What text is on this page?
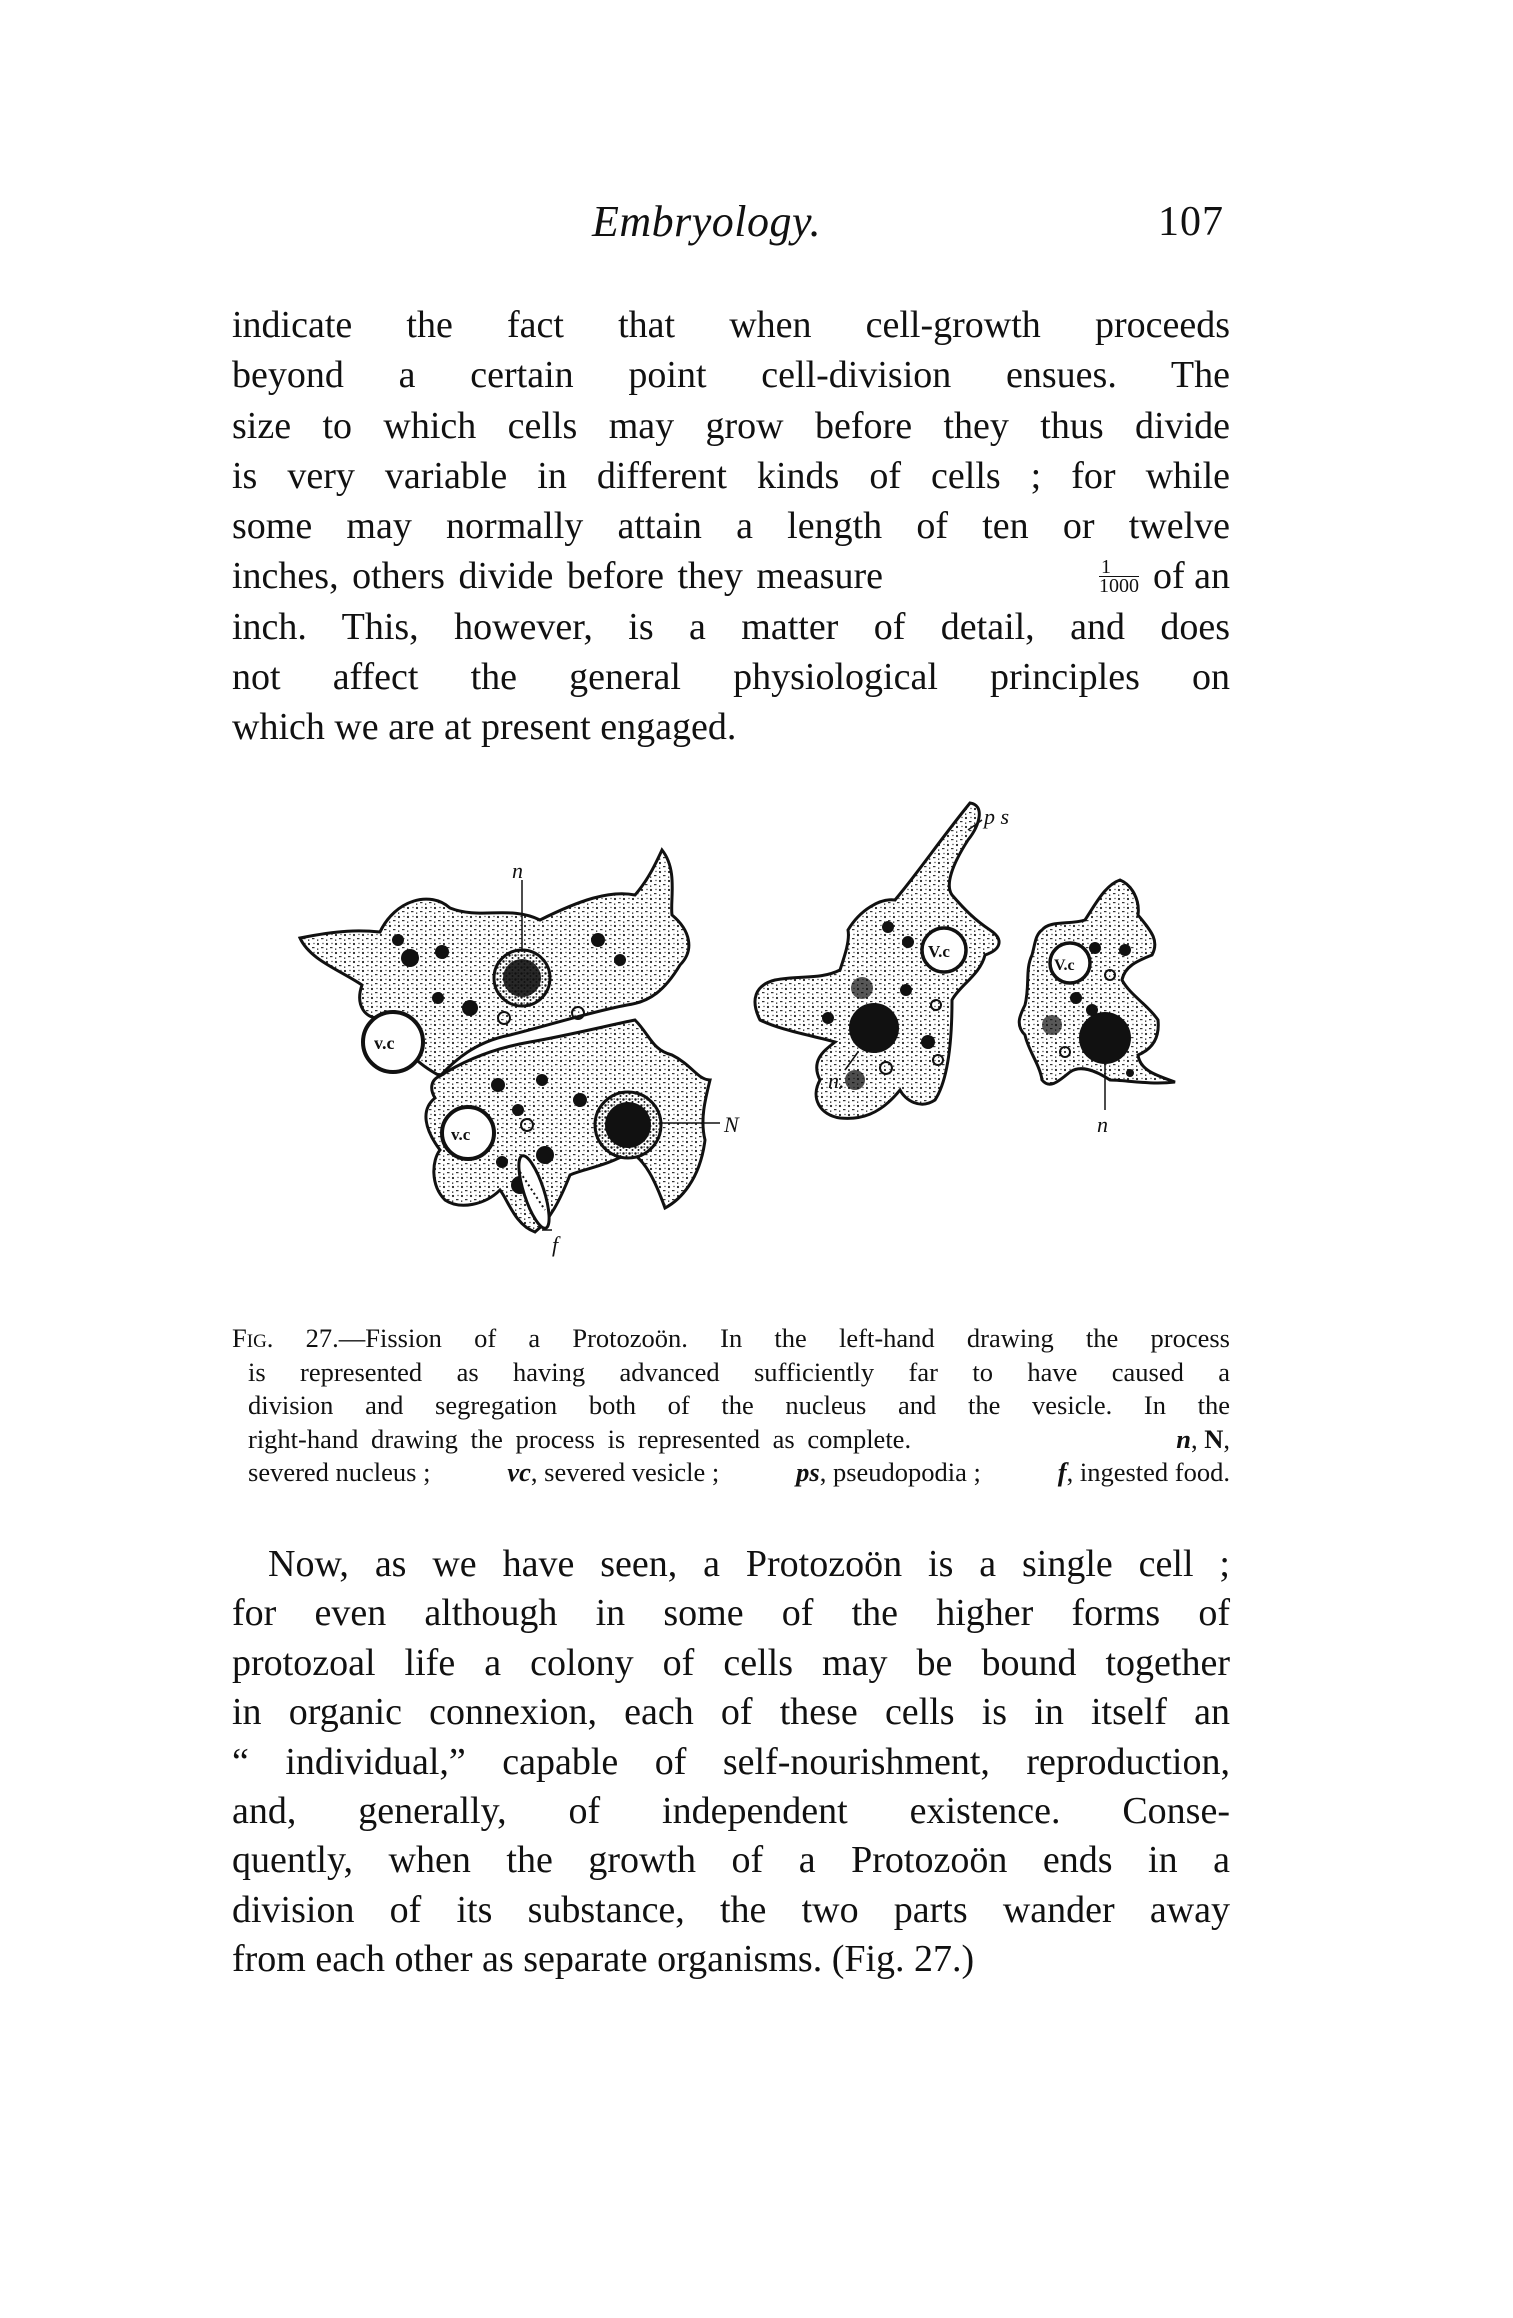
Embryology.	107
indicate the fact that when cell-growth proceeds
beyond a certain point cell-division ensues. The
size to which cells may grow before they thus divide
is very variable in different kinds of cells ; for while
some may normally attain a length of ten or twelve
inches, others divide before they measure	$\frac{1}{1000}$ of an
inch. This, however, is a matter of detail, and does
not affect the general physiological principles on
which we are at present engaged.
n
v.c
N
f
v.c
V.c
p s
n.
V.c
n
Fig. 27.—Fission of a Protozoön. In the left-hand drawing the process
is represented as having advanced sufficiently far to have caused a
division and segregation both of the nucleus and the vesicle. In the
right-hand drawing the process is represented as complete.	n, N,
severed nucleus ;	vc, severed vesicle ;	ps, pseudopodia ;	f, ingested food.
Now, as we have seen, a Protozoön is a single cell ;
for even although in some of the higher forms of
protozoal life a colony of cells may be bound together
in organic connexion, each of these cells is in itself an
“ individual,” capable of self-nourishment, reproduction,
and, generally, of independent existence. Conse-
quently, when the growth of a Protozoön ends in a
division of its substance, the two parts wander away
from each other as separate organisms. (Fig. 27.)
